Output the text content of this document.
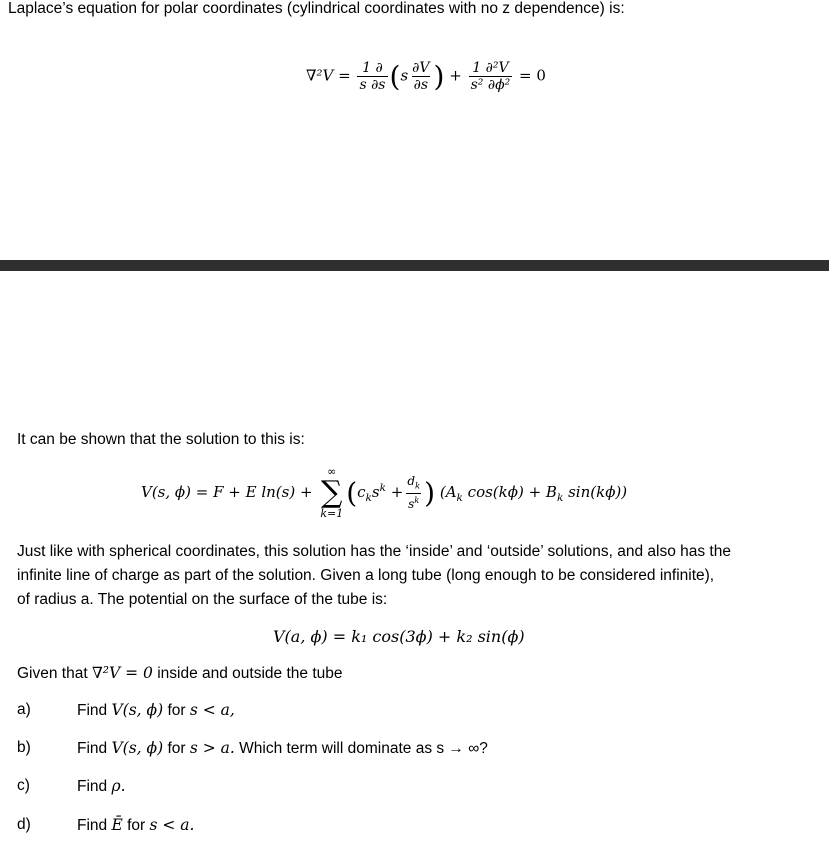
Laplace’s equation for polar coordinates (cylindrical coordinates with no z dependence) is:
$\nabla^2V = \frac{1 \partial}{s \partial s} (s \frac{\partial V}{\partial s}$ ) + $\frac{\text{1 ∂²V}}{\text{s² ∂ϕ²}} = 0$
It can be shown that the solution to this is:
V(s, ϕ) = F + E ln(s) +
∞
∑
k=1
($c_ks^k + \frac{d_k}{s^k}$ ) ($A_k$ $\cos(k\phi) + B_k$ sin(kϕ))
Just like with spherical coordinates, this solution has the ‘inside’ and ‘outside’ solutions, and also has the
infinite line of charge as part of the solution. Given a long tube (long enough to be considered infinite),
of radius a. The potential on the surface of the tube is:
V(a, ϕ) = k₁ cos(3ϕ) + k₂ sin(ϕ)
Given that ∇²V = 0 inside and outside the tube
a)	Find V(s, ϕ) for s < a,
b)	Find V(s, ϕ) for s > a. Which term will dominate as s → ∞?
c)	Find ρ.
d)	Find Ē for s < a.
